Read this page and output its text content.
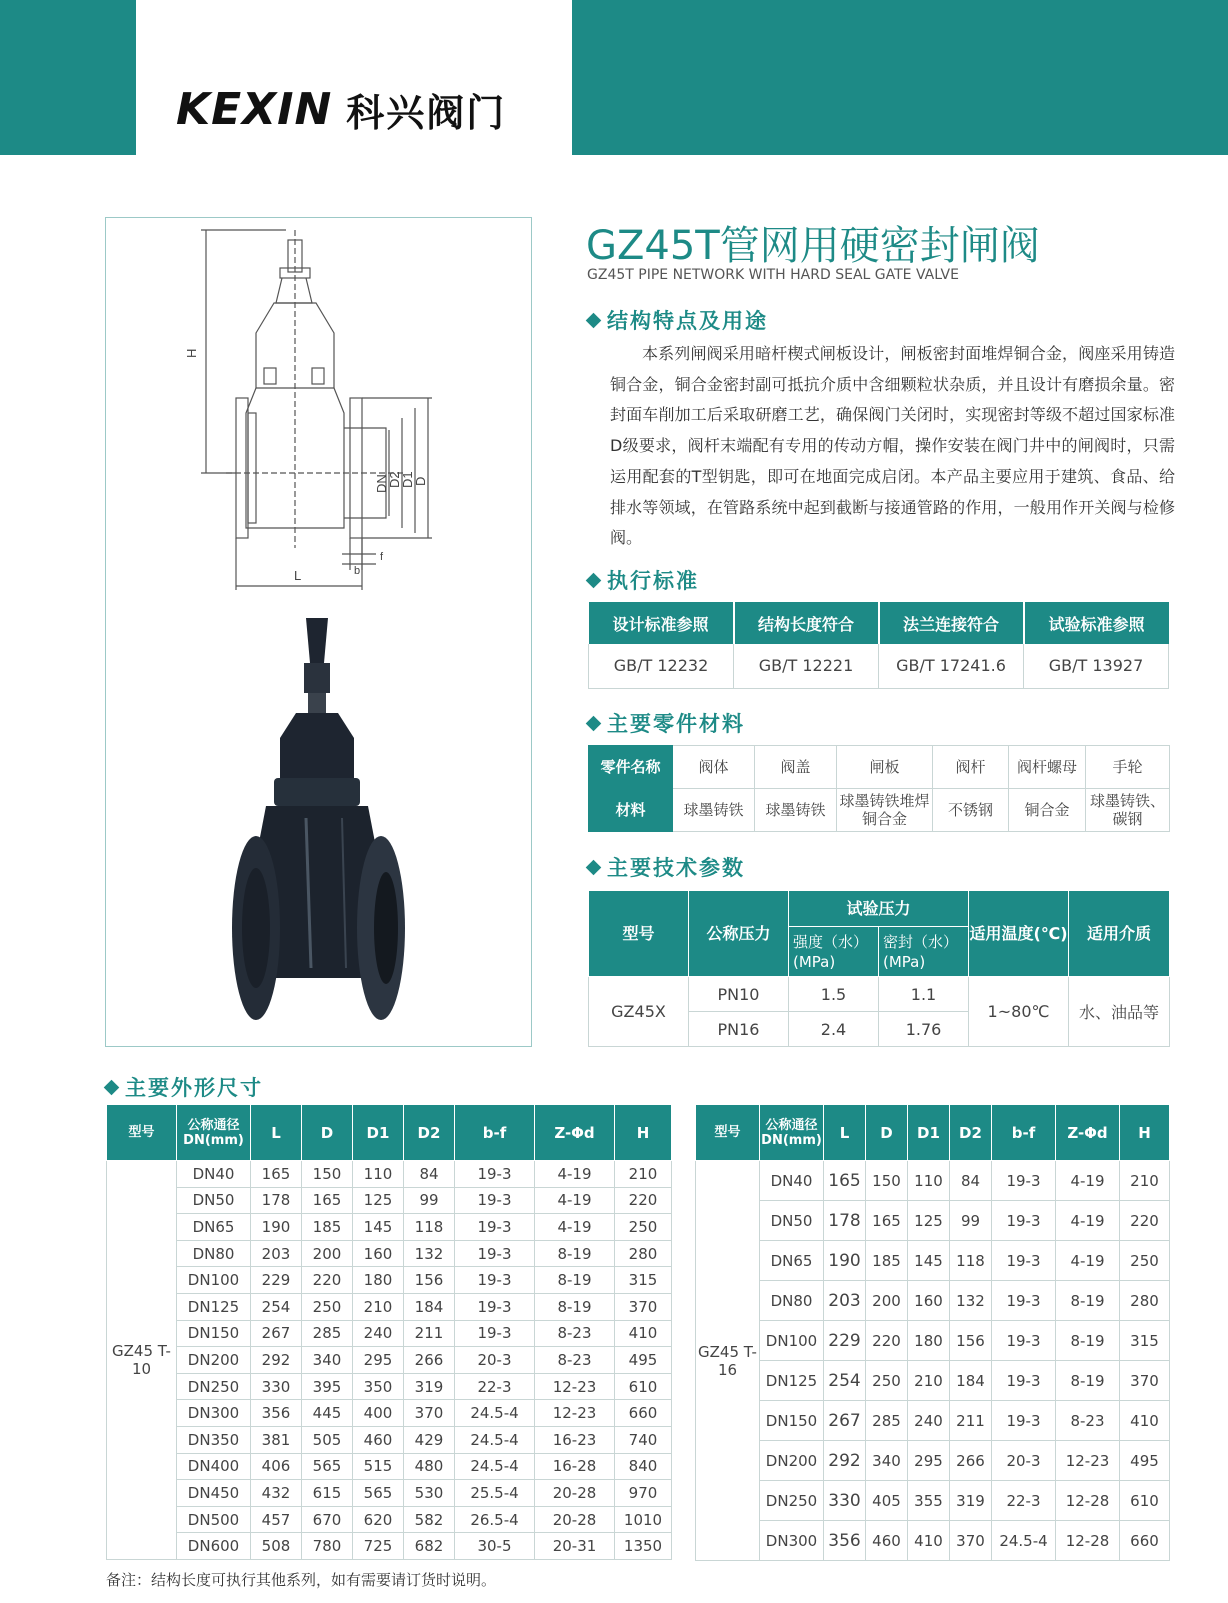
KEXIN 科兴阀门
H
L
DN
D2
D1
D
b
f
GZ45T管网用硬密封闸阀
GZ45T PIPE NETWORK WITH HARD SEAL GATE VALVE
结构特点及用途
本系列闸阀采用暗杆楔式闸板设计，闸板密封面堆焊铜合金，阀座采用铸造铜合金，铜合金密封副可抵抗介质中含细颗粒状杂质，并且设计有磨损余量。密封面车削加工后采取研磨工艺，确保阀门关闭时，实现密封等级不超过国家标准D级要求，阀杆末端配有专用的传动方帽，操作安装在阀门井中的闸阀时，只需运用配套的T型钥匙，即可在地面完成启闭。本产品主要应用于建筑、食品、给排水等领域，在管路系统中起到截断与接通管路的作用，一般用作开关阀与检修阀。
执行标准
设计标准参照	结构长度符合	法兰连接符合	试验标准参照
GB/T 12232	GB/T 12221	GB/T 17241.6	GB/T 13927
主要零件材料
零件名称	阀体	阀盖	闸板	阀杆	阀杆螺母	手轮
材料	球墨铸铁	球墨铸铁	球墨铸铁堆焊铜合金	不锈钢	铜合金	球墨铸铁、碳钢
主要技术参数
型号	公称压力	试验压力		适用温度(℃)	适用介质
		强度（水）(MPa)	密封（水）(MPa)		
GZ45X	PN10	1.5	1.1	1~80℃	水、油品等
	PN16	2.4	1.76		
主要外形尺寸
型号	公称通径DN(mm)	L	D	D1	D2	b-f	Z-Φd	H
GZ45 T-10	DN40	165	150	110	84	19-3	4-19	210
	DN50	178	165	125	99	19-3	4-19	220
	DN65	190	185	145	118	19-3	4-19	250
	DN80	203	200	160	132	19-3	8-19	280
	DN100	229	220	180	156	19-3	8-19	315
	DN125	254	250	210	184	19-3	8-19	370
	DN150	267	285	240	211	19-3	8-23	410
	DN200	292	340	295	266	20-3	8-23	495
	DN250	330	395	350	319	22-3	12-23	610
	DN300	356	445	400	370	24.5-4	12-23	660
	DN350	381	505	460	429	24.5-4	16-23	740
	DN400	406	565	515	480	24.5-4	16-28	840
	DN450	432	615	565	530	25.5-4	20-28	970
	DN500	457	670	620	582	26.5-4	20-28	1010
	DN600	508	780	725	682	30-5	20-31	1350
型号	公称通径DN(mm)	L	D	D1	D2	b-f	Z-Φd	H
GZ45 T-16	DN40	165	150	110	84	19-3	4-19	210
	DN50	178	165	125	99	19-3	4-19	220
	DN65	190	185	145	118	19-3	4-19	250
	DN80	203	200	160	132	19-3	8-19	280
	DN100	229	220	180	156	19-3	8-19	315
	DN125	254	250	210	184	19-3	8-19	370
	DN150	267	285	240	211	19-3	8-23	410
	DN200	292	340	295	266	20-3	12-23	495
	DN250	330	405	355	319	22-3	12-28	610
	DN300	356	460	410	370	24.5-4	12-28	660
备注：结构长度可执行其他系列，如有需要请订货时说明。
